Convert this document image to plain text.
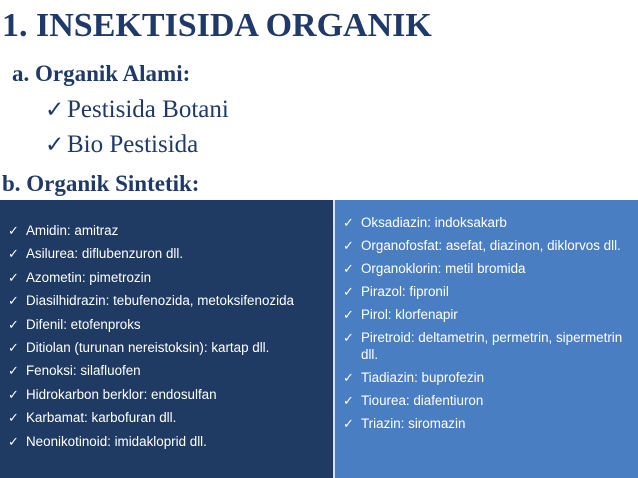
1. INSEKTISIDA ORGANIK
a. Organik Alami:
✓ Pestisida Botani
✓ Bio Pestisida
b. Organik Sintetik:
✓ Amidin: amitraz
✓ Asilurea: diflubenzuron dll.
✓ Azometin: pimetrozin
✓ Diasilhidrazin: tebufenozida, metoksifenozida
✓ Difenil: etofenproks
✓ Ditiolan (turunan nereistoksin): kartap dll.
✓ Fenoksi: silafluofen
✓ Hidrokarbon berklor: endosulfan
✓ Karbamat: karbofuran dll.
✓ Neonikotinoid: imidakloprid dll.
✓ Oksadiazin: indoksakarb
✓ Organofosfat: asefat, diazinon, diklorvos dll.
✓ Organoklorin: metil bromida
✓ Pirazol: fipronil
✓ Pirol: klorfenapir
✓ Piretroid: deltametrin, permetrin, sipermetrin dll.
✓ Tiadiazin: buprofezin
✓ Tiourea: diafentiuron
✓ Triazin: siromazin
